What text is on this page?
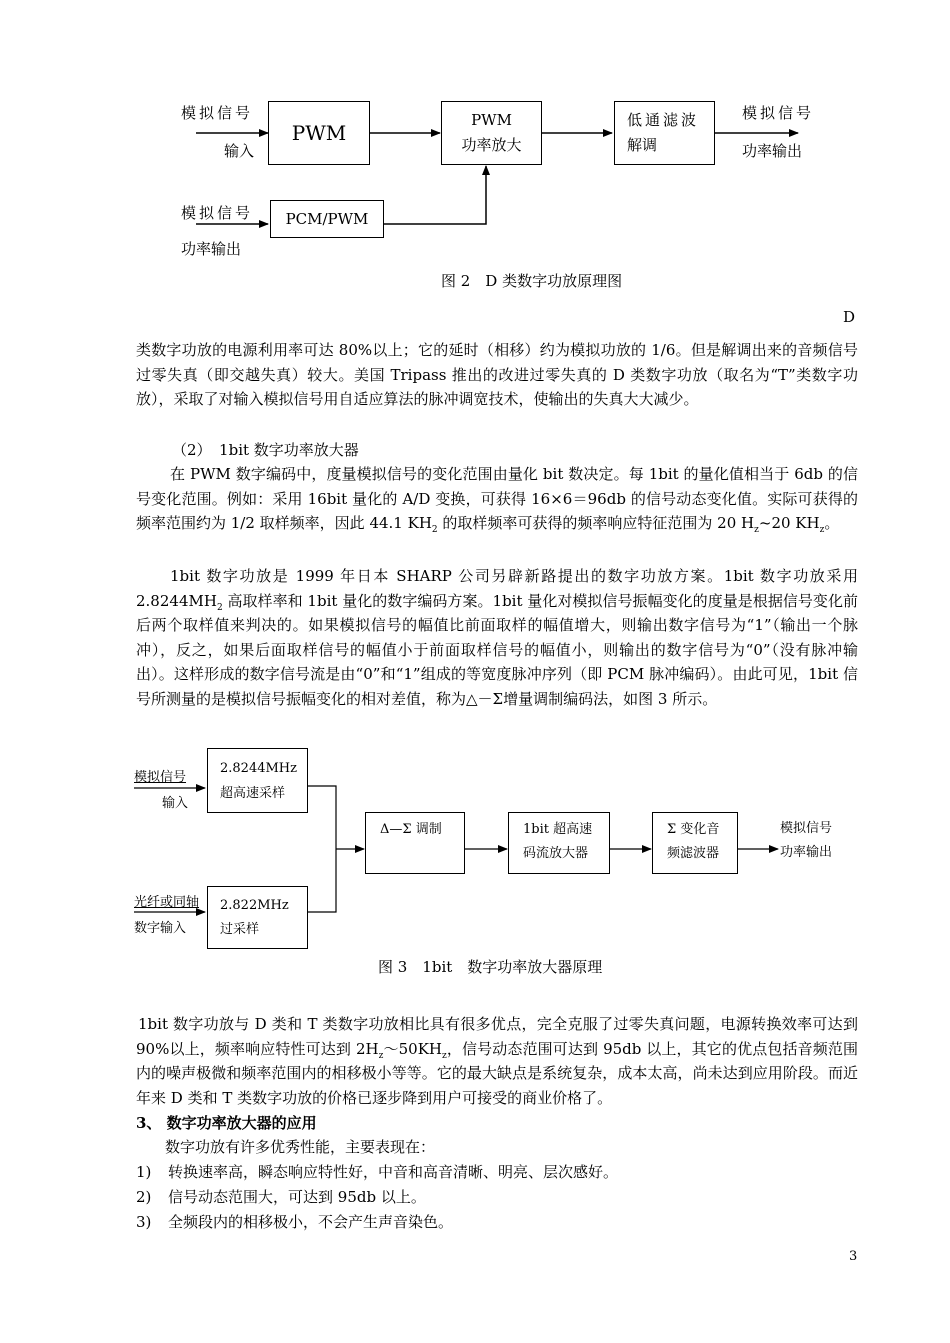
模拟信号
输入
PWM
PWM
功率放大
低通滤波
解调
模拟信号
功率输出
模拟信号
功率输出
PCM/PWM
图 2　D 类数字功放原理图
D
类数字功放的电源利用率可达 80%以上；它的延时（相移）约为模拟功放的 1/6。但是解调出来的音频信号过零失真（即交越失真）较大。美国 Tripass 推出的改进过零失真的 D 类数字功放（取名为“T”类数字功放），采取了对输入模拟信号用自适应算法的脉冲调宽技术，使输出的失真大大减少。
（2）　1bit 数字功率放大器
在 PWM 数字编码中，度量模拟信号的变化范围由量化 bit 数决定。每 1bit 的量化值相当于 6db 的信号变化范围。例如：采用 16bit 量化的 A/D 变换，可获得 16×6＝96db 的信号动态变化值。实际可获得的频率范围约为 1/2 取样频率，因此 44.1 $KH_2$ 的取样频率可获得的频率响应特征范围为 20 $H_z\sim 20$ $KH_z$。
1bit 数字功放是 1999 年日本 SHARP 公司另辟新路提出的数字功放方案。1bit 数字功放采用 $2.8244MH_2$ 高取样率和 1bit 量化的数字编码方案。1bit 量化对模拟信号振幅变化的度量是根据信号变化前后两个取样值来判决的。如果模拟信号的幅值比前面取样的幅值增大，则输出数字信号为“1”（输出一个脉冲），反之，如果后面取样信号的幅值小于前面取样信号的幅值小，则输出的数字信号为“0”（没有脉冲输出）。这样形成的数字信号流是由“0”和“1”组成的等宽度脉冲序列（即 PCM 脉冲编码）。由此可见，1bit 信号所测量的是模拟信号振幅变化的相对差值，称为△－Σ增量调制编码法，如图 3 所示。
模拟信号
输入
2.8244MHz
超高速采样
光纤或同轴
数字输入
2.822MHz
过采样
Δ—Σ 调制	1bit 超高速
码流放大器
Σ 变化音
频滤波器
模拟信号
功率输出
图 3　1bit　数字功率放大器原理
1bit 数字功放与 D 类和 T 类数字功放相比具有很多优点，完全克服了过零失真问题，电源转换效率可达到 90%以上，频率响应特性可达到 $2H_z\sim 50KH_z$，信号动态范围可达到 95db 以上，其它的优点包括音频范围内的噪声极微和频率范围内的相移极小等等。它的最大缺点是系统复杂，成本太高，尚未达到应用阶段。而近年来 D 类和 T 类数字功放的价格已逐步降到用户可接受的商业价格了。
3、 数字功率放大器的应用
数字功放有许多优秀性能，主要表现在：
1) 转换速率高，瞬态响应特性好，中音和高音清晰、明亮、层次感好。
2) 信号动态范围大，可达到 95db 以上。
3) 全频段内的相移极小，不会产生声音染色。
3
